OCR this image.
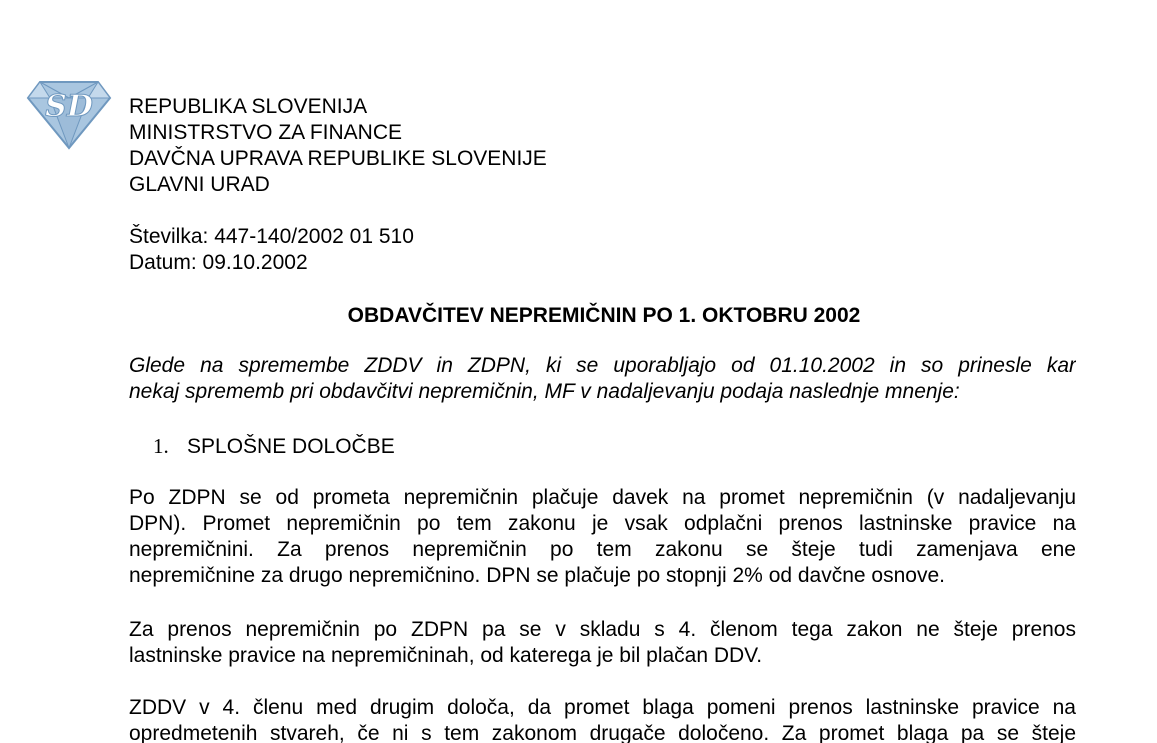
SD REPUBLIKA SLOVENIJA
MINISTRSTVO ZA FINANCE
DAVČNA UPRAVA REPUBLIKE SLOVENIJE
GLAVNI URAD
Številka: 447-140/2002 01 510
Datum: 09.10.2002
OBDAVČITEV NEPREMIČNIN PO 1. OKTOBRU 2002
Glede na spremembe ZDDV in ZDPN, ki se uporabljajo od 01.10.2002 in so prinesle kar
nekaj sprememb pri obdavčitvi nepremičnin, MF v nadaljevanju podaja naslednje mnenje:
1. SPLOŠNE DOLOČBE
Po ZDPN se od prometa nepremičnin plačuje davek na promet nepremičnin (v nadaljevanju
DPN). Promet nepremičnin po tem zakonu je vsak odplačni prenos lastninske pravice na
nepremičnini. Za prenos nepremičnin po tem zakonu se šteje tudi zamenjava ene
nepremičnine za drugo nepremičnino. DPN se plačuje po stopnji 2% od davčne osnove.
Za prenos nepremičnin po ZDPN pa se v skladu s 4. členom tega zakon ne šteje prenos
lastninske pravice na nepremičninah, od katerega je bil plačan DDV.
ZDDV v 4. členu med drugim določa, da promet blaga pomeni prenos lastninske pravice na
opredmetenih stvareh, če ni s tem zakonom drugače določeno. Za promet blaga pa se šteje
